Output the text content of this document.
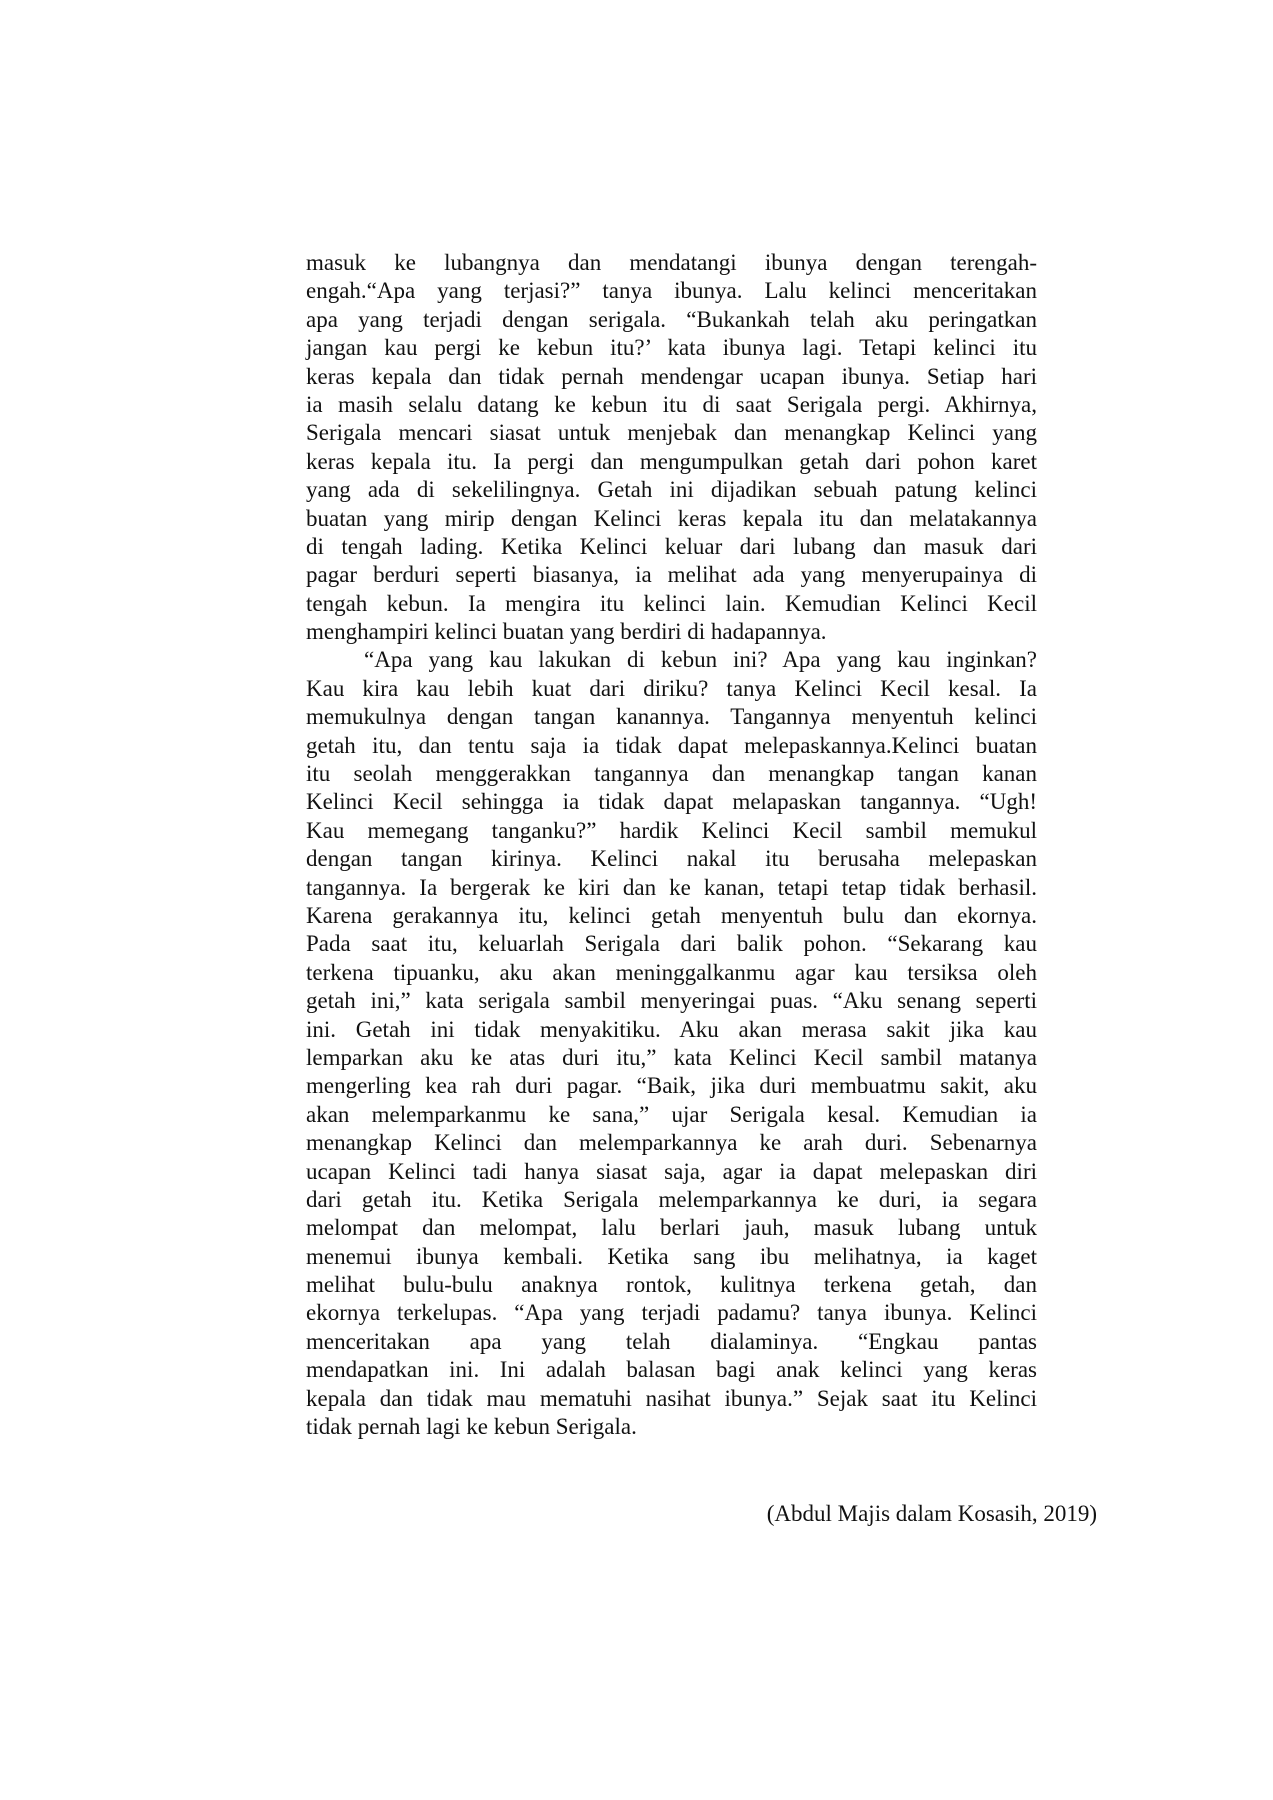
masuk ke lubangnya dan mendatangi ibunya dengan terengah-
engah.“Apa yang terjasi?” tanya ibunya. Lalu kelinci menceritakan
apa yang terjadi dengan serigala. “Bukankah telah aku peringatkan
jangan kau pergi ke kebun itu?’ kata ibunya lagi. Tetapi kelinci itu
keras kepala dan tidak pernah mendengar ucapan ibunya. Setiap hari
ia masih selalu datang ke kebun itu di saat Serigala pergi. Akhirnya,
Serigala mencari siasat untuk menjebak dan menangkap Kelinci yang
keras kepala itu. Ia pergi dan mengumpulkan getah dari pohon karet
yang ada di sekelilingnya. Getah ini dijadikan sebuah patung kelinci
buatan yang mirip dengan Kelinci keras kepala itu dan melatakannya
di tengah lading. Ketika Kelinci keluar dari lubang dan masuk dari
pagar berduri seperti biasanya, ia melihat ada yang menyerupainya di
tengah kebun. Ia mengira itu kelinci lain. Kemudian Kelinci Kecil
menghampiri kelinci buatan yang berdiri di hadapannya.
“Apa yang kau lakukan di kebun ini? Apa yang kau inginkan?
Kau kira kau lebih kuat dari diriku? tanya Kelinci Kecil kesal. Ia
memukulnya dengan tangan kanannya. Tangannya menyentuh kelinci
getah itu, dan tentu saja ia tidak dapat melepaskannya.Kelinci buatan
itu seolah menggerakkan tangannya dan menangkap tangan kanan
Kelinci Kecil sehingga ia tidak dapat melapaskan tangannya. “Ugh!
Kau memegang tanganku?” hardik Kelinci Kecil sambil memukul
dengan tangan kirinya. Kelinci nakal itu berusaha melepaskan
tangannya. Ia bergerak ke kiri dan ke kanan, tetapi tetap tidak berhasil.
Karena gerakannya itu, kelinci getah menyentuh bulu dan ekornya.
Pada saat itu, keluarlah Serigala dari balik pohon. “Sekarang kau
terkena tipuanku, aku akan meninggalkanmu agar kau tersiksa oleh
getah ini,” kata serigala sambil menyeringai puas. “Aku senang seperti
ini. Getah ini tidak menyakitiku. Aku akan merasa sakit jika kau
lemparkan aku ke atas duri itu,” kata Kelinci Kecil sambil matanya
mengerling kea rah duri pagar. “Baik, jika duri membuatmu sakit, aku
akan melemparkanmu ke sana,” ujar Serigala kesal. Kemudian ia
menangkap Kelinci dan melemparkannya ke arah duri. Sebenarnya
ucapan Kelinci tadi hanya siasat saja, agar ia dapat melepaskan diri
dari getah itu. Ketika Serigala melemparkannya ke duri, ia segara
melompat dan melompat, lalu berlari jauh, masuk lubang untuk
menemui ibunya kembali. Ketika sang ibu melihatnya, ia kaget
melihat bulu-bulu anaknya rontok, kulitnya terkena getah, dan
ekornya terkelupas. “Apa yang terjadi padamu? tanya ibunya. Kelinci
menceritakan apa yang telah dialaminya. “Engkau pantas
mendapatkan ini. Ini adalah balasan bagi anak kelinci yang keras
kepala dan tidak mau mematuhi nasihat ibunya.” Sejak saat itu Kelinci
tidak pernah lagi ke kebun Serigala.
(Abdul Majis dalam Kosasih, 2019)
